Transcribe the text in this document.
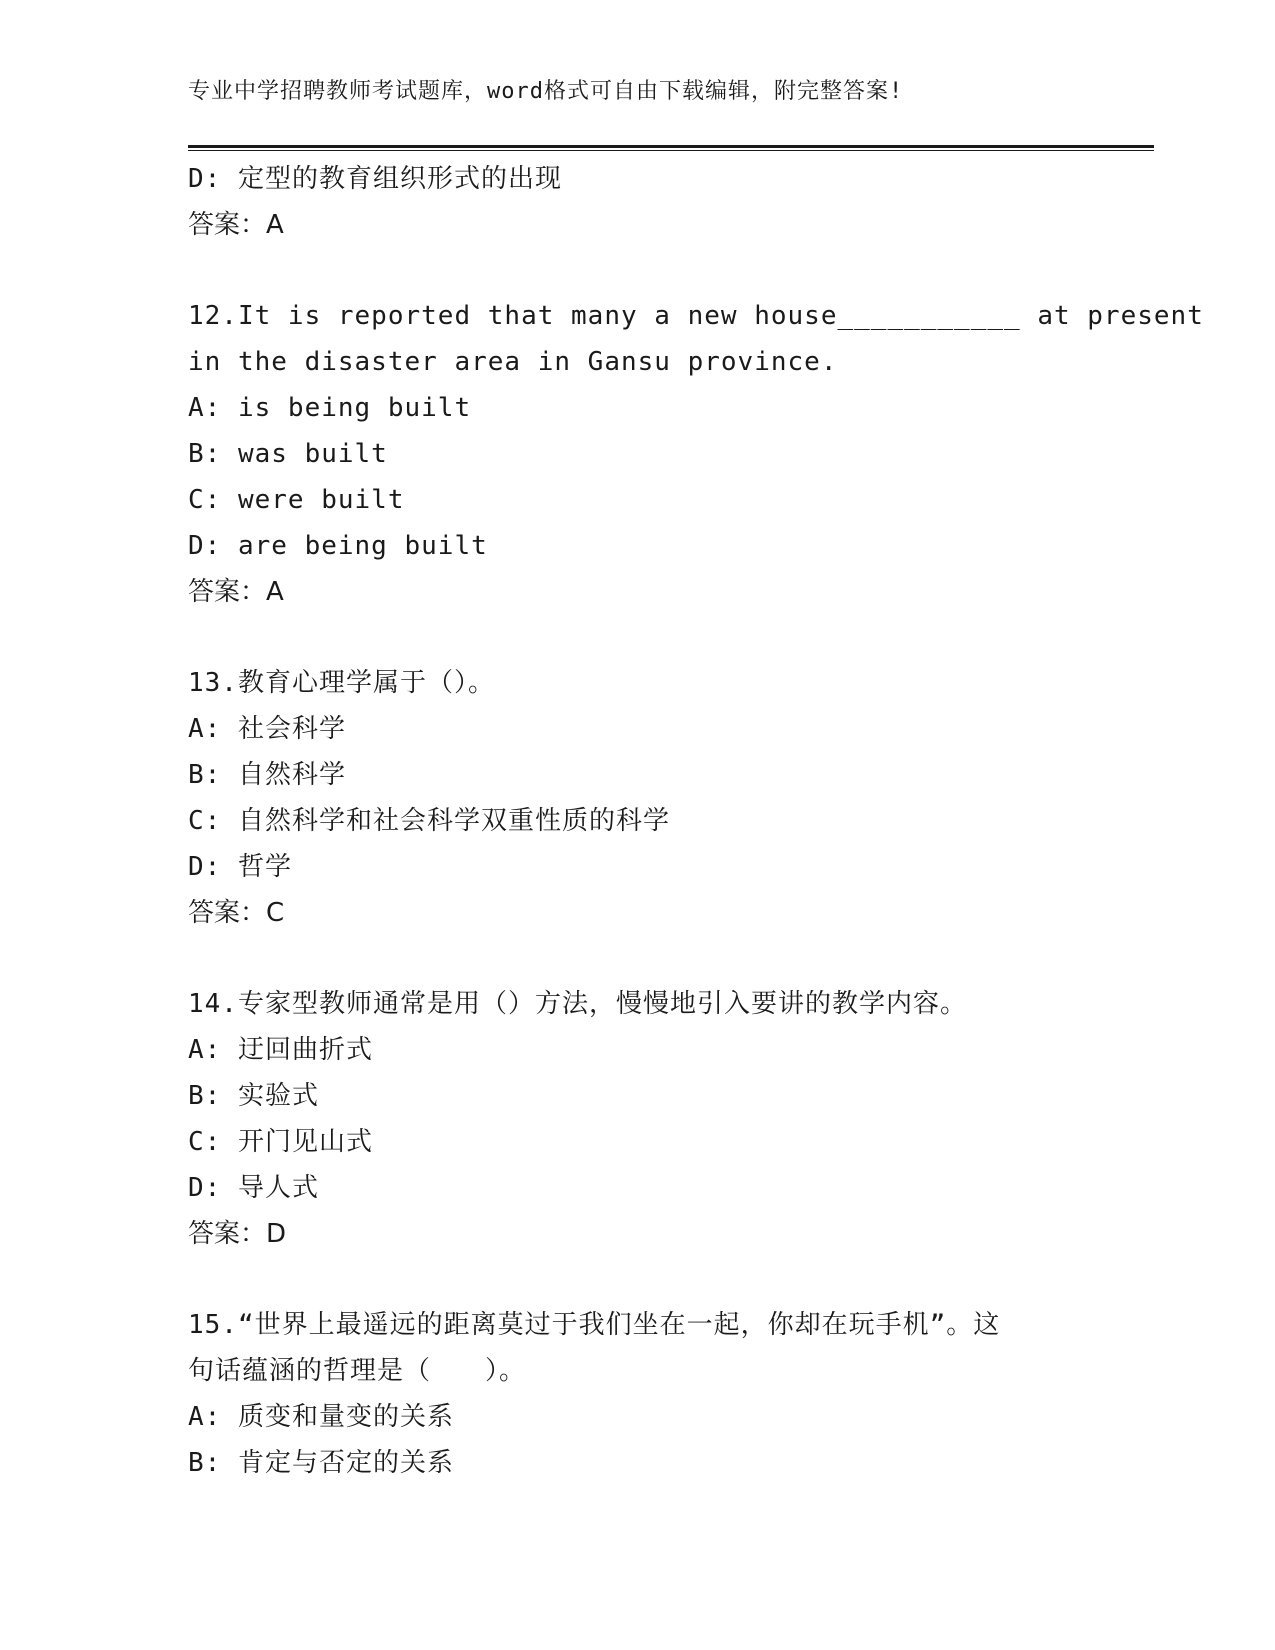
专业中学招聘教师考试题库，word格式可自由下载编辑，附完整答案!
D: 定型的教育组织形式的出现
答案：A
12.It is reported that many a new house___________ at present
in the disaster area in Gansu province.
A: is being built
B: was built
C: were built
D: are being built
答案：A
13.教育心理学属于（）。
A: 社会科学
B: 自然科学
C: 自然科学和社会科学双重性质的科学
D: 哲学
答案：C
14.专家型教师通常是用（）方法，慢慢地引入要讲的教学内容。
A: 迂回曲折式
B: 实验式
C: 开门见山式
D: 导人式
答案：D
15.“世界上最遥远的距离莫过于我们坐在一起，你却在玩手机”。这
句话蕴涵的哲理是（　　）。
A: 质变和量变的关系
B: 肯定与否定的关系
